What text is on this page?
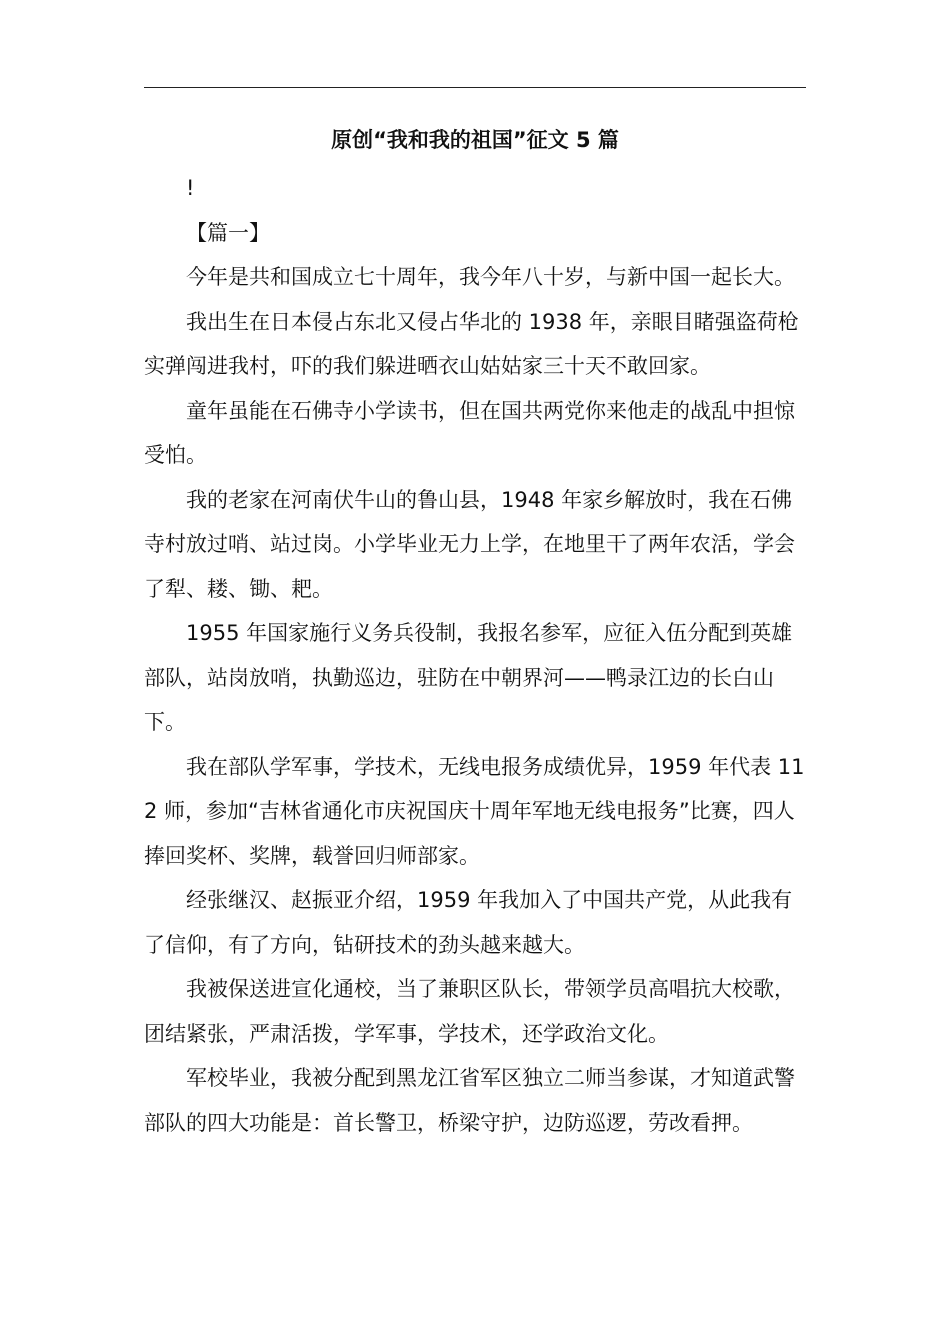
原创“我和我的祖国”征文 5 篇

!

【篇一】

今年是共和国成立七十周年，我今年八十岁，与新中国一起长大。

我出生在日本侵占东北又侵占华北的 1938 年，亲眼目睹强盗荷枪实弹闯进我村，吓的我们躲进晒衣山姑姑家三十天不敢回家。

童年虽能在石佛寺小学读书，但在国共两党你来他走的战乱中担惊受怕。

我的老家在河南伏牛山的鲁山县，1948 年家乡解放时，我在石佛寺村放过哨、站过岗。小学毕业无力上学，在地里干了两年农活，学会了犁、耧、锄、耙。

1955 年国家施行义务兵役制，我报名参军，应征入伍分配到英雄部队，站岗放哨，执勤巡边，驻防在中朝界河——鸭录江边的长白山下。

我在部队学军事，学技术，无线电报务成绩优异，1959 年代表 112 师，参加“吉林省通化市庆祝国庆十周年军地无线电报务”比赛，四人捧回奖杯、奖牌，载誉回归师部家。

经张继汉、赵振亚介绍，1959 年我加入了中国共产党，从此我有了信仰，有了方向，钻研技术的劲头越来越大。

我被保送进宣化通校，当了兼职区队长，带领学员高唱抗大校歌，团结紧张，严肃活拨，学军事，学技术，还学政治文化。

军校毕业，我被分配到黑龙江省军区独立二师当参谋，才知道武警部队的四大功能是：首长警卫，桥梁守护，边防巡逻，劳改看押。
